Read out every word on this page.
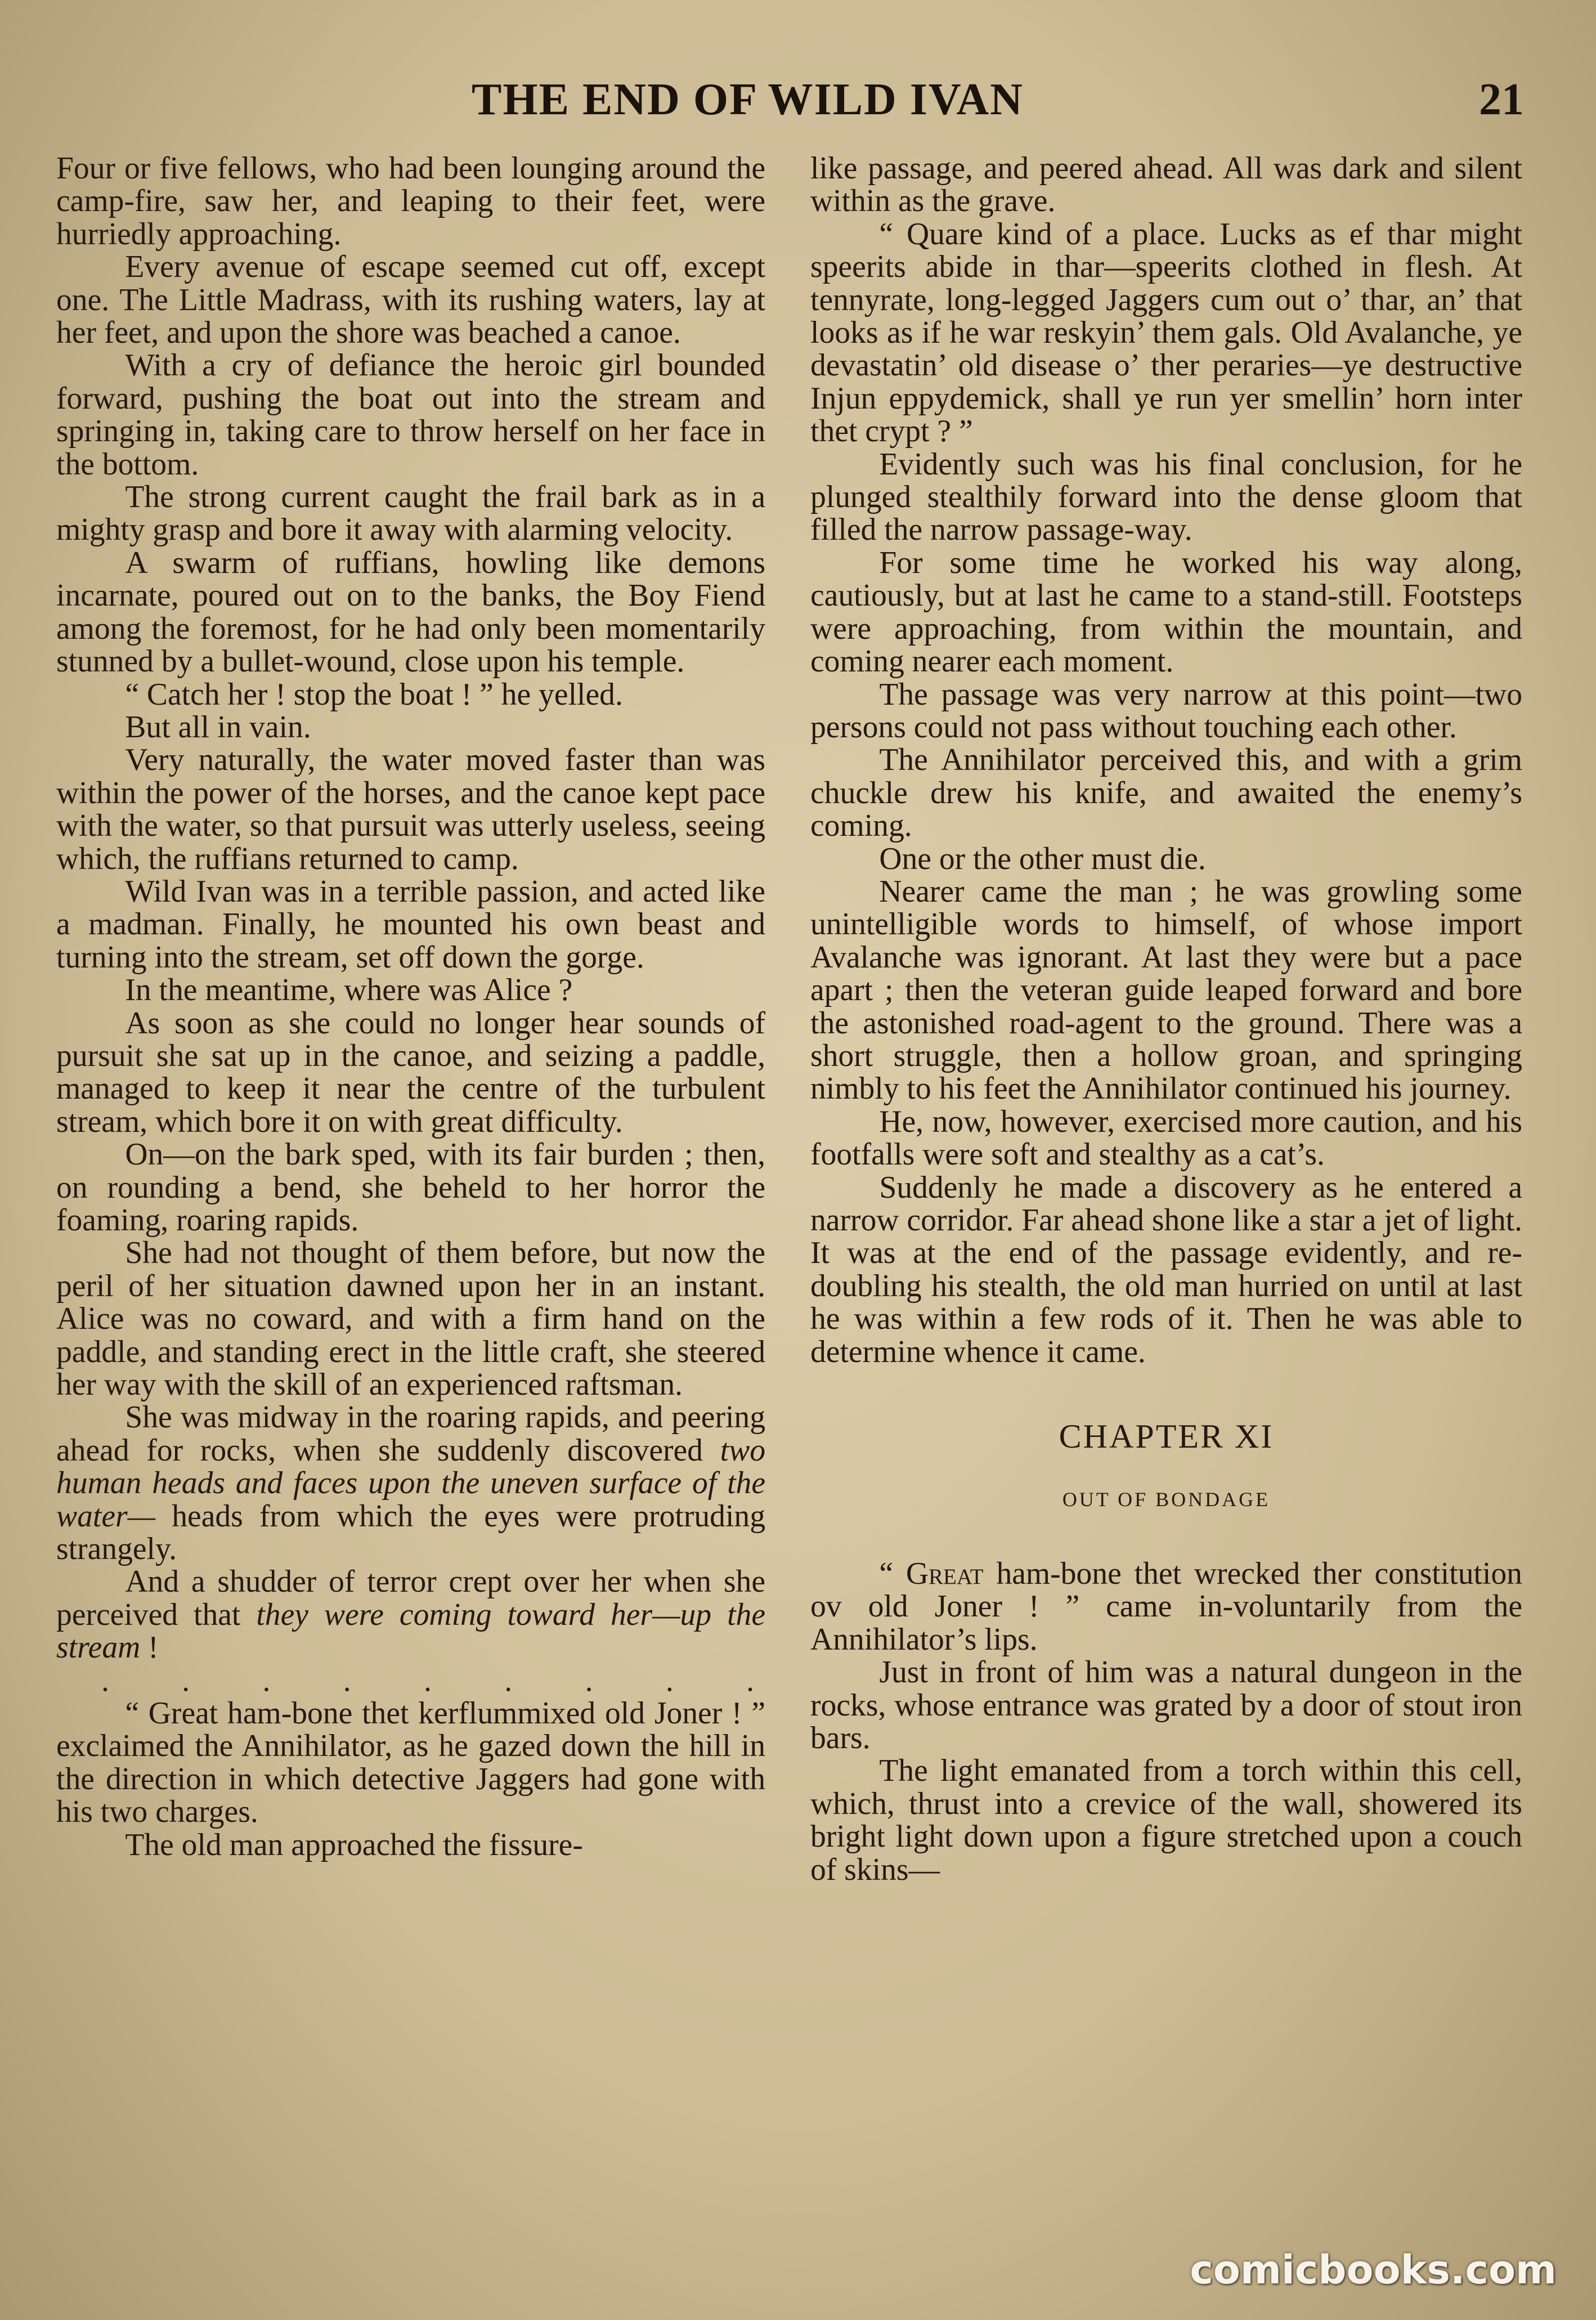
THE END OF WILD IVAN	21

Four or five fellows, who had been lounging around the camp-fire, saw her, and leaping to their feet, were hurriedly approaching.

Every avenue of escape seemed cut off, except one. The Little Madrass, with its rushing waters, lay at her feet, and upon the shore was beached a canoe.

With a cry of defiance the heroic girl bounded forward, pushing the boat out into the stream and springing in, taking care to throw herself on her face in the bottom.

The strong current caught the frail bark as in a mighty grasp and bore it away with alarming velocity.

A swarm of ruffians, howling like demons incarnate, poured out on to the banks, the Boy Fiend among the foremost, for he had only been momentarily stunned by a bullet-wound, close upon his temple.

“ Catch her ! stop the boat ! ” he yelled.

But all in vain.

Very naturally, the water moved faster than was within the power of the horses, and the canoe kept pace with the water, so that pursuit was utterly useless, seeing which, the ruffians returned to camp.

Wild Ivan was in a terrible passion, and acted like a madman. Finally, he mounted his own beast and turning into the stream, set off down the gorge.

In the meantime, where was Alice ?

As soon as she could no longer hear sounds of pursuit she sat up in the canoe, and seizing a paddle, managed to keep it near the centre of the turbulent stream, which bore it on with great difficulty.

On—on the bark sped, with its fair burden ; then, on rounding a bend, she beheld to her horror the foaming, roaring rapids.

She had not thought of them before, but now the peril of her situation dawned upon her in an instant. Alice was no coward, and with a firm hand on the paddle, and standing erect in the little craft, she steered her way with the skill of an experienced raftsman.

She was midway in the roaring rapids, and peering ahead for rocks, when she suddenly discovered two human heads and faces upon the uneven surface of the water— heads from which the eyes were protruding strangely.

And a shudder of terror crept over her when she perceived that they were coming toward her—up the stream !

. . . . . . . . .

“ Great ham-bone thet kerflummixed old Joner ! ” exclaimed the Annihilator, as he gazed down the hill in the direction in which detective Jaggers had gone with his two charges.

The old man approached the fissure-

like passage, and peered ahead. All was dark and silent within as the grave.

“ Quare kind of a place. Lucks as ef thar might speerits abide in thar—speerits clothed in flesh. At tennyrate, long-legged Jaggers cum out o’ thar, an’ that looks as if he war reskyin’ them gals. Old Avalanche, ye devastatin’ old disease o’ ther peraries—ye destructive Injun eppydemick, shall ye run yer smellin’ horn inter thet crypt ? ”

Evidently such was his final conclusion, for he plunged stealthily forward into the dense gloom that filled the narrow passage-way.

For some time he worked his way along, cautiously, but at last he came to a stand-still. Footsteps were approaching, from within the mountain, and coming nearer each moment.

The passage was very narrow at this point—two persons could not pass without touching each other.

The Annihilator perceived this, and with a grim chuckle drew his knife, and awaited the enemy’s coming.

One or the other must die.

Nearer came the man ; he was growling some unintelligible words to himself, of whose import Avalanche was ignorant. At last they were but a pace apart ; then the veteran guide leaped forward and bore the astonished road-agent to the ground. There was a short struggle, then a hollow groan, and springing nimbly to his feet the Annihilator continued his journey.

He, now, however, exercised more caution, and his footfalls were soft and stealthy as a cat’s.

Suddenly he made a discovery as he entered a narrow corridor. Far ahead shone like a star a jet of light. It was at the end of the passage evidently, and re-doubling his stealth, the old man hurried on until at last he was within a few rods of it. Then he was able to determine whence it came.

CHAPTER XI
OUT OF BONDAGE

“ Great ham-bone thet wrecked ther constitution ov old Joner ! ” came in-voluntarily from the Annihilator’s lips.

Just in front of him was a natural dungeon in the rocks, whose entrance was grated by a door of stout iron bars.

The light emanated from a torch within this cell, which, thrust into a crevice of the wall, showered its bright light down upon a figure stretched upon a couch of skins—

comicbooks.com
